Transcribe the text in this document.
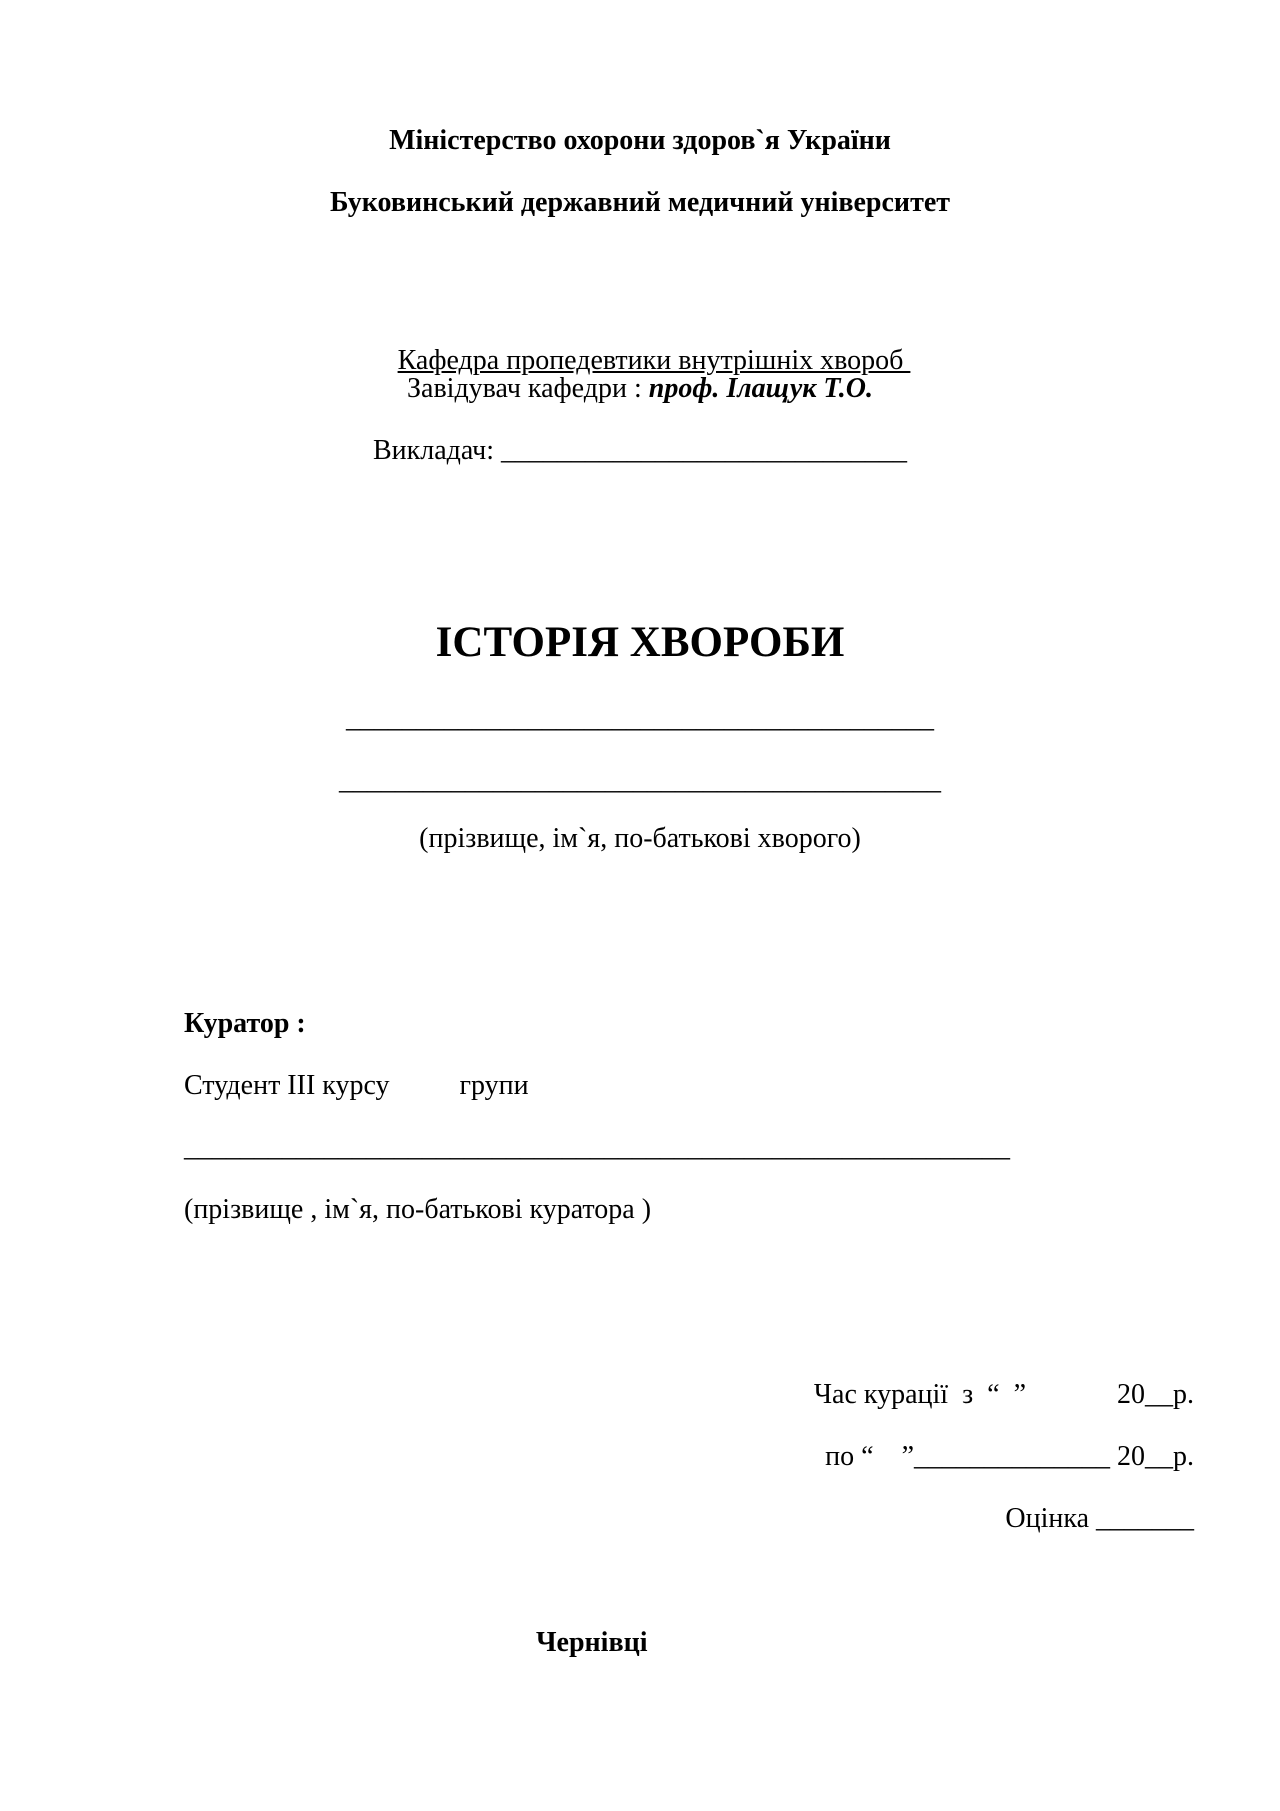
Міністерство охорони здоров`я України
Буковинський державний медичний університет

Кафедра пропедевтики внутрішніх хвороб

Завідувач кафедри : проф. Ілащук Т.О.
Викладач: _____________________________
ІСТОРІЯ ХВОРОБИ
__________________________________________
___________________________________________
(прізвище, ім`я, по-батькові хворого)
Куратор :
Студент ІІІ курсу          групи
___________________________________________________________
(прізвище , ім`я, по-батькові куратора )
Час курації  з  “  ”             20__р.
по “    ”______________ 20__р.
Оцінка _______
Чернівці
